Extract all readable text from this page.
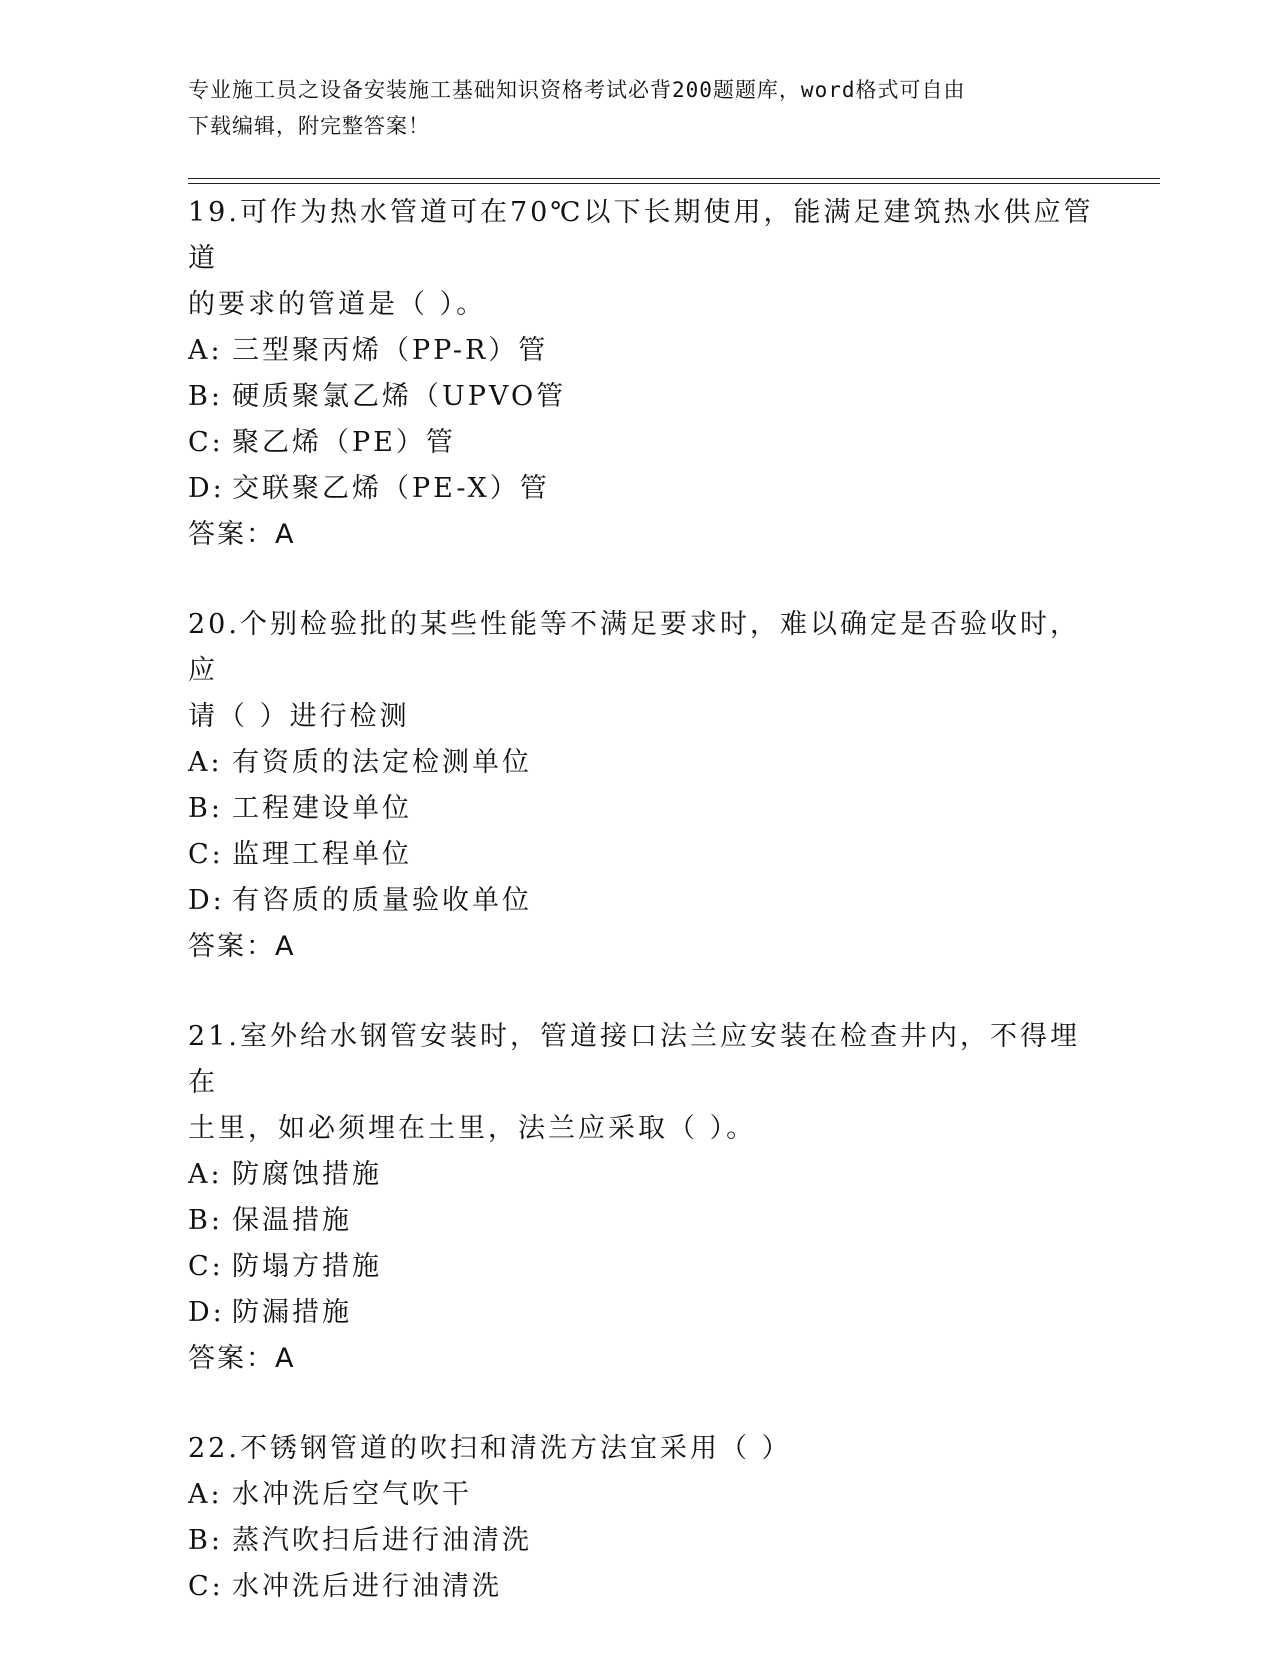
专业施工员之设备安装施工基础知识资格考试必背200题题库，word格式可自由
下载编辑，附完整答案！
19.可作为热水管道可在70℃以下长期使用，能满足建筑热水供应管道
的要求的管道是（ ）。
A: 三型聚丙烯（PP-R）管
B: 硬质聚氯乙烯（UPVO管
C: 聚乙烯（PE）管
D: 交联聚乙烯（PE-X）管
答案： A
20.个别检验批的某些性能等不满足要求时，难以确定是否验收时，应
请（ ）进行检测
A: 有资质的法定检测单位
B: 工程建设单位
C: 监理工程单位
D: 有咨质的质量验收单位
答案： A
21.室外给水钢管安装时，管道接口法兰应安装在检查井内，不得埋在
土里，如必须埋在土里，法兰应采取（ ）。
A: 防腐蚀措施
B: 保温措施
C: 防塌方措施
D: 防漏措施
答案： A
22.不锈钢管道的吹扫和清洗方法宜采用（ ）
A: 水冲洗后空气吹干
B: 蒸汽吹扫后进行油清洗
C: 水冲洗后进行油清洗
